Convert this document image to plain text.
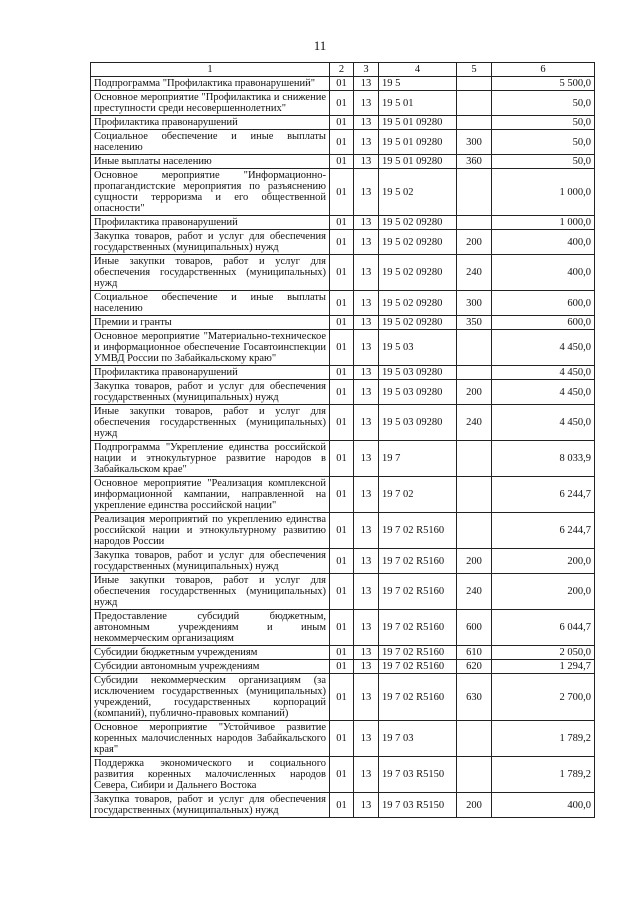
11
1	2	3	4	5	6
Подпрограмма "Профилактика правонарушений"	01	13	19 5		5 500,0
Основное мероприятие "Профилактика и снижение преступности среди несовершеннолетних"	01	13	19 5 01		50,0
Профилактика правонарушений	01	13	19 5 01 09280		50,0
Социальное обеспечение и иные выплаты населению	01	13	19 5 01 09280	300	50,0
Иные выплаты населению	01	13	19 5 01 09280	360	50,0
Основное мероприятие "Информационно-пропагандистские мероприятия по разъяснению сущности терроризма и его общественной опасности"	01	13	19 5 02		1 000,0
Профилактика правонарушений	01	13	19 5 02 09280		1 000,0
Закупка товаров, работ и услуг для обеспечения государственных (муниципальных) нужд	01	13	19 5 02 09280	200	400,0
Иные закупки товаров, работ и услуг для обеспечения государственных (муниципальных) нужд	01	13	19 5 02 09280	240	400,0
Социальное обеспечение и иные выплаты населению	01	13	19 5 02 09280	300	600,0
Премии и гранты	01	13	19 5 02 09280	350	600,0
Основное мероприятие "Материально-техническое и информационное обеспечение Госавтоинспекции УМВД России по Забайкальскому краю"	01	13	19 5 03		4 450,0
Профилактика правонарушений	01	13	19 5 03 09280		4 450,0
Закупка товаров, работ и услуг для обеспечения государственных (муниципальных) нужд	01	13	19 5 03 09280	200	4 450,0
Иные закупки товаров, работ и услуг для обеспечения государственных (муниципальных) нужд	01	13	19 5 03 09280	240	4 450,0
Подпрограмма "Укрепление единства российской нации и этнокультурное развитие народов в Забайкальском крае"	01	13	19 7		8 033,9
Основное мероприятие "Реализация комплексной информационной кампании, направленной на укрепление единства российской нации"	01	13	19 7 02		6 244,7
Реализация мероприятий по укреплению единства российской нации и этнокультурному развитию народов России	01	13	19 7 02 R5160		6 244,7
Закупка товаров, работ и услуг для обеспечения государственных (муниципальных) нужд	01	13	19 7 02 R5160	200	200,0
Иные закупки товаров, работ и услуг для обеспечения государственных (муниципальных) нужд	01	13	19 7 02 R5160	240	200,0
Предоставление субсидий бюджетным, автономным учреждениям и иным некоммерческим организациям	01	13	19 7 02 R5160	600	6 044,7
Субсидии бюджетным учреждениям	01	13	19 7 02 R5160	610	2 050,0
Субсидии автономным учреждениям	01	13	19 7 02 R5160	620	1 294,7
Субсидии некоммерческим организациям (за исключением государственных (муниципальных) учреждений, государственных корпораций (компаний), публично-правовых компаний)	01	13	19 7 02 R5160	630	2 700,0
Основное мероприятие "Устойчивое развитие коренных малочисленных народов Забайкальского края"	01	13	19 7 03		1 789,2
Поддержка экономического и социального развития коренных малочисленных народов Севера, Сибири и Дальнего Востока	01	13	19 7 03 R5150		1 789,2
Закупка товаров, работ и услуг для обеспечения государственных (муниципальных) нужд	01	13	19 7 03 R5150	200	400,0
